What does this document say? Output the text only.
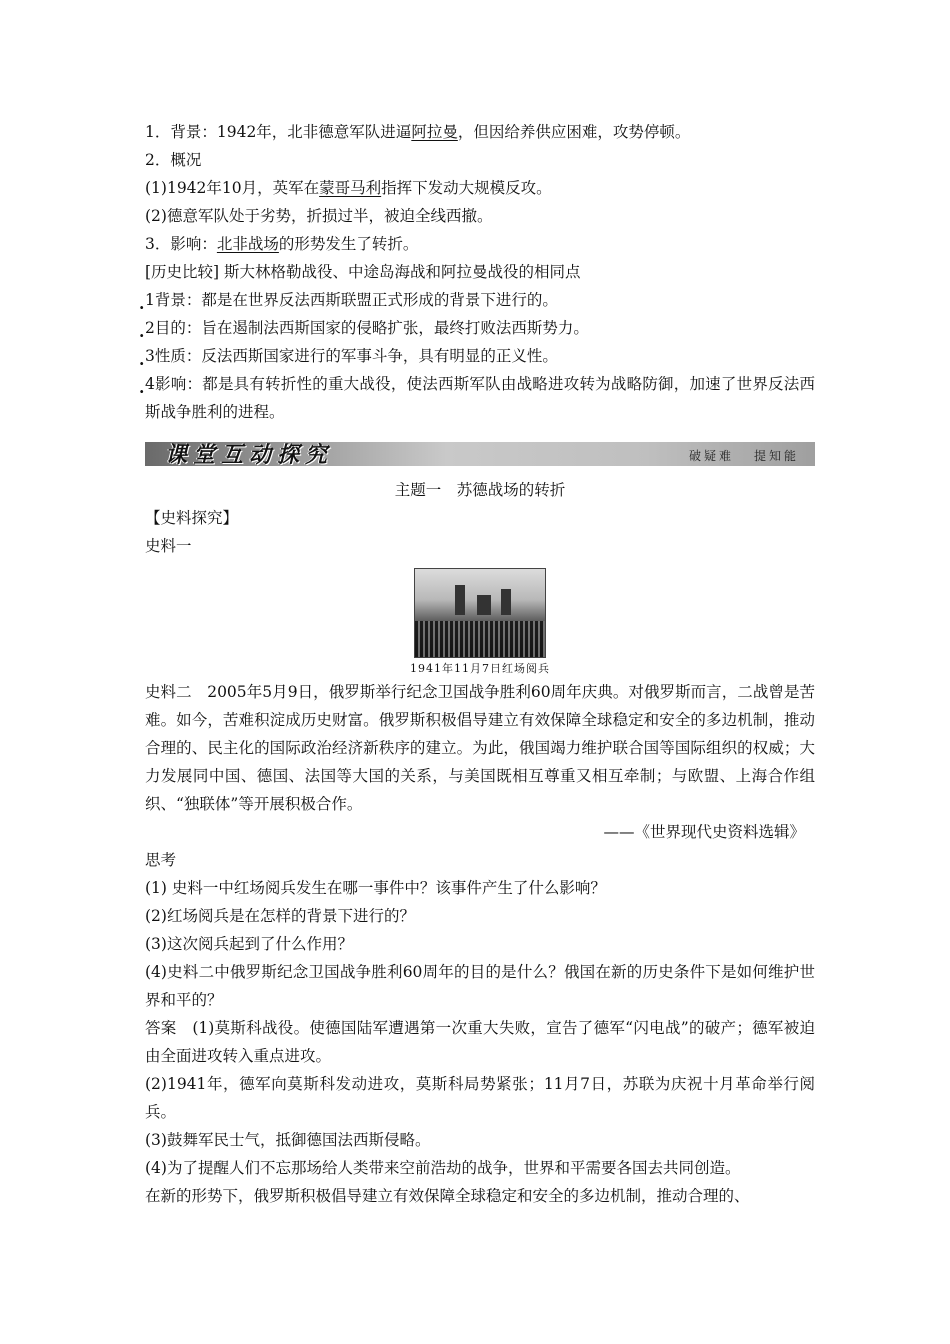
1．背景：1942年，北非德意军队进逼阿拉曼，但因给养供应困难，攻势停顿。
2．概况
(1)1942年10月，英军在蒙哥马利指挥下发动大规模反攻。
(2)德意军队处于劣势，折损过半，被迫全线西撤。
3．影响：北非战场的形势发生了转折。
[历史比较] 斯大林格勒战役、中途岛海战和阿拉曼战役的相同点
. 1背景：都是在世界反法西斯联盟正式形成的背景下进行的。
. 2目的：旨在遏制法西斯国家的侵略扩张，最终打败法西斯势力。
. 3性质：反法西斯国家进行的军事斗争，具有明显的正义性。
. 4影响：都是具有转折性的重大战役，使法西斯军队由战略进攻转为战略防御，加速了世界反法西斯战争胜利的进程。
课堂互动探究	破疑难 提知能
主题一　苏德战场的转折
【史料探究】
史料一
1941年11月7日红场阅兵
史料二　2005年5月9日，俄罗斯举行纪念卫国战争胜利60周年庆典。对俄罗斯而言，二战曾是苦难。如今，苦难积淀成历史财富。俄罗斯积极倡导建立有效保障全球稳定和安全的多边机制，推动合理的、民主化的国际政治经济新秩序的建立。为此，俄国竭力维护联合国等国际组织的权威；大力发展同中国、德国、法国等大国的关系，与美国既相互尊重又相互牵制；与欧盟、上海合作组织、“独联体”等开展积极合作。
——《世界现代史资料选辑》
思考
(1) 史料一中红场阅兵发生在哪一事件中？该事件产生了什么影响？
(2)红场阅兵是在怎样的背景下进行的？
(3)这次阅兵起到了什么作用？
(4)史料二中俄罗斯纪念卫国战争胜利60周年的目的是什么？俄国在新的历史条件下是如何维护世界和平的？
答案　(1)莫斯科战役。使德国陆军遭遇第一次重大失败，宣告了德军“闪电战”的破产；德军被迫由全面进攻转入重点进攻。
(2)1941年，德军向莫斯科发动进攻，莫斯科局势紧张；11月7日，苏联为庆祝十月革命举行阅兵。
(3)鼓舞军民士气，抵御德国法西斯侵略。
(4)为了提醒人们不忘那场给人类带来空前浩劫的战争，世界和平需要各国去共同创造。
在新的形势下，俄罗斯积极倡导建立有效保障全球稳定和安全的多边机制，推动合理的、
